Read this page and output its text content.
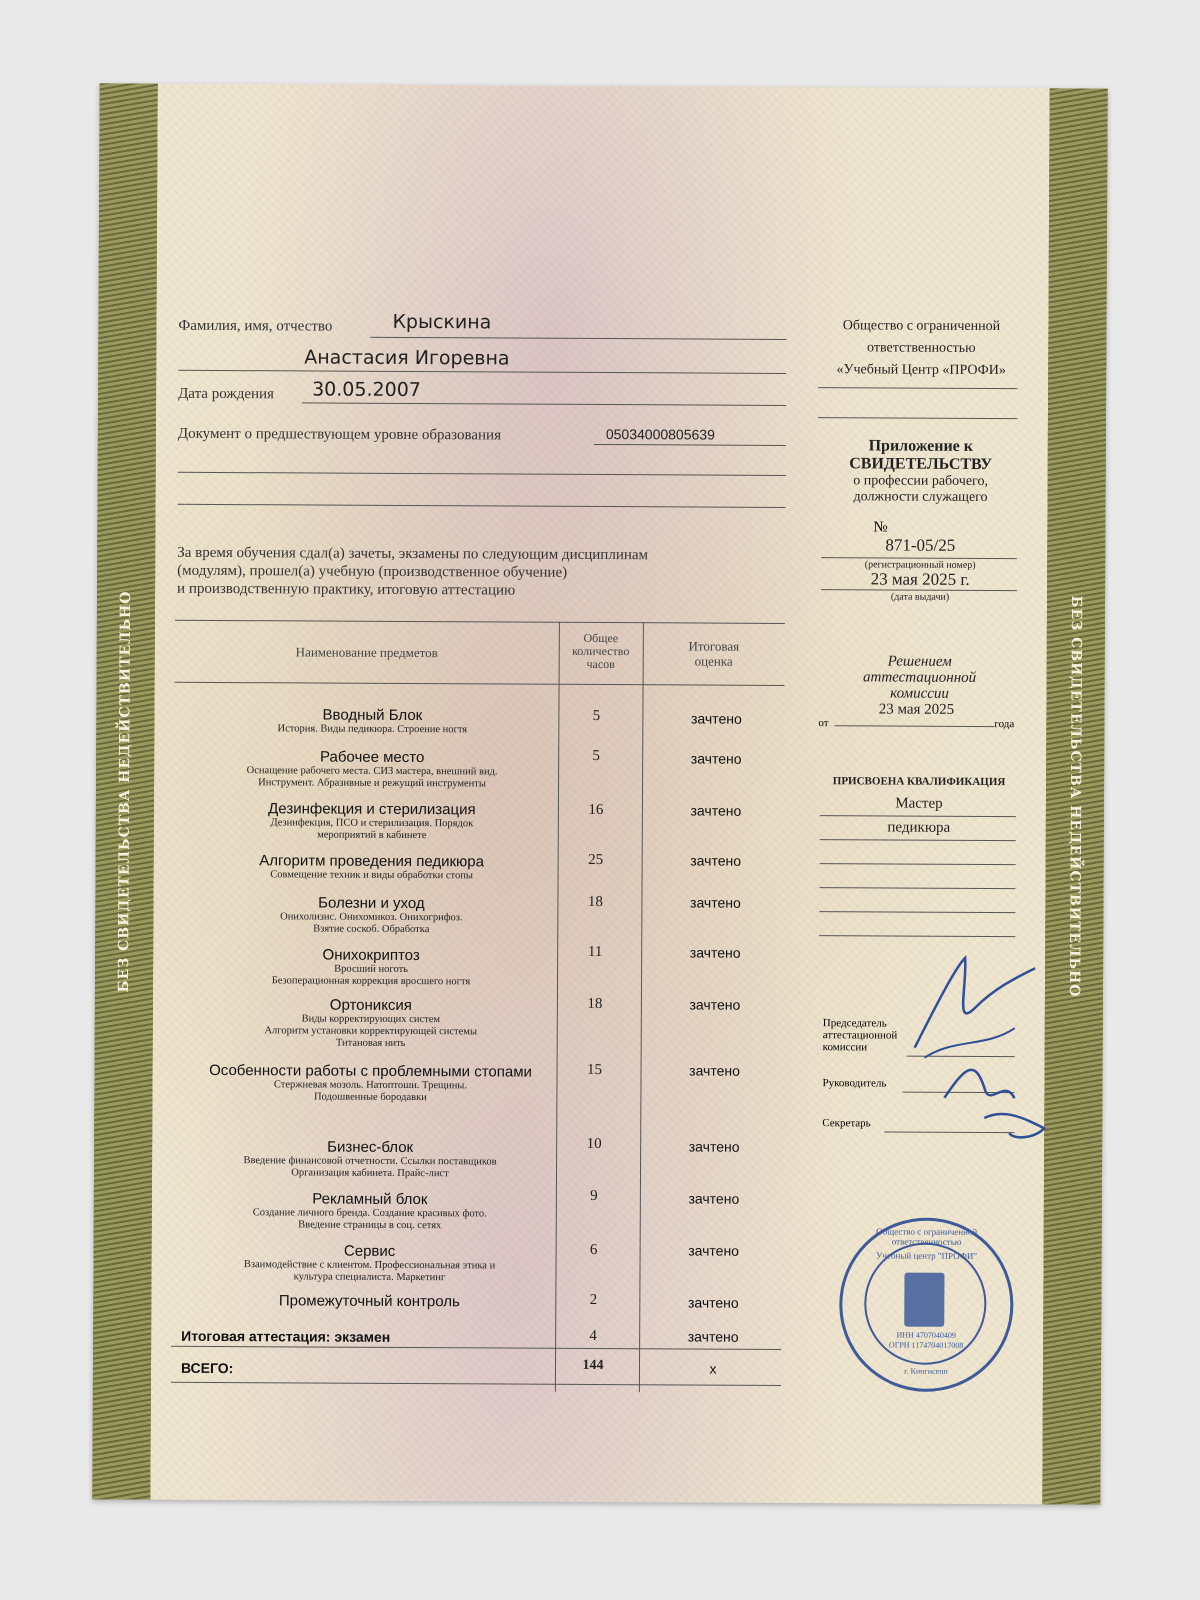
БЕЗ СВИДЕТЕЛЬСТВА НЕДЕЙСТВИТЕЛЬНО	БЕЗ СВИДЕТЕЛЬСТВА НЕДЕЙСТВИТЕЛЬНО
Фамилия, имя, отчество	Крыскина
Анастасия Игоревна
Дата рождения 30.05.2007
Документ о предшествующем уровне образования	05034000805639
За время обучения сдал(а) зачеты, экзамены по следующим дисциплинам
(модулям), прошел(а) учебную (производственное обучение)
и производственную практику, итоговую аттестацию
Наименование предметов
Общее
количество
часов
Итоговая
оценка
Вводный Блок
История. Виды педикюра. Строение ногтя
5	зачтено
Рабочее место
Оснащение рабочего места. СИЗ мастера, внешний вид.
Инструмент. Абразивные и режущий инструменты
5	зачтено
Дезинфекция и стерилизация
Дезинфекция, ПСО и стерилизация. Порядок
мероприятий в кабинете
16	зачтено
Алгоритм проведения педикюра
Совмещение техник и виды обработки стопы
25	зачтено
Болезни и уход
Онихолизис. Онихомикоз. Онихогрифоз.
Взятие соскоб. Обработка
18	зачтено
Онихокриптоз
Вросший ноготь
Безоперационная коррекция вросшего ногтя
11	зачтено
Ортониксия
Виды корректирующих систем
Алгоритм установки корректирующей системы
Титановая нить
18	зачтено
Особенности работы с проблемными стопами
Стержневая мозоль. Натоптоши. Трещины.
Подошвенные бородавки
15	зачтено
Бизнес-блок
Введение финансовой отчетности. Ссылки поставщиков
Организация кабинета. Прайс-лист
10	зачтено
Рекламный блок
Создание личного бренда. Создание красивых фото.
Введение страницы в соц. сетях
9	зачтено
Сервис
Взаимодействие с клиентом. Профессиональная этика и
культура специалиста. Маркетинг
6	зачтено
Промежуточный контроль	2	зачтено
Итоговая аттестация: экзамен	4	зачтено
ВСЕГО:	144	х
Общество с ограниченной
ответственностью
«Учебный Центр «ПРОФИ»
Приложение к
СВИДЕТЕЛЬСТВУ
о профессии рабочего,
должности служащего
№
871-05/25
(регистрационный номер)
23 мая 2025 г.
(дата выдачи)
Решением
аттестационной
комиссии
от
23 мая 2025
года
ПРИСВОЕНА КВАЛИФИКАЦИЯ
Мастер
педикюра
Председатель
аттестационной
комиссии
Руководитель
Секретарь
Общество с ограниченной ответственностью
Учебный центр "ПРОФИ"
ИНН 4707040409
ОГРН 1174704017008
г. Кингисепп
